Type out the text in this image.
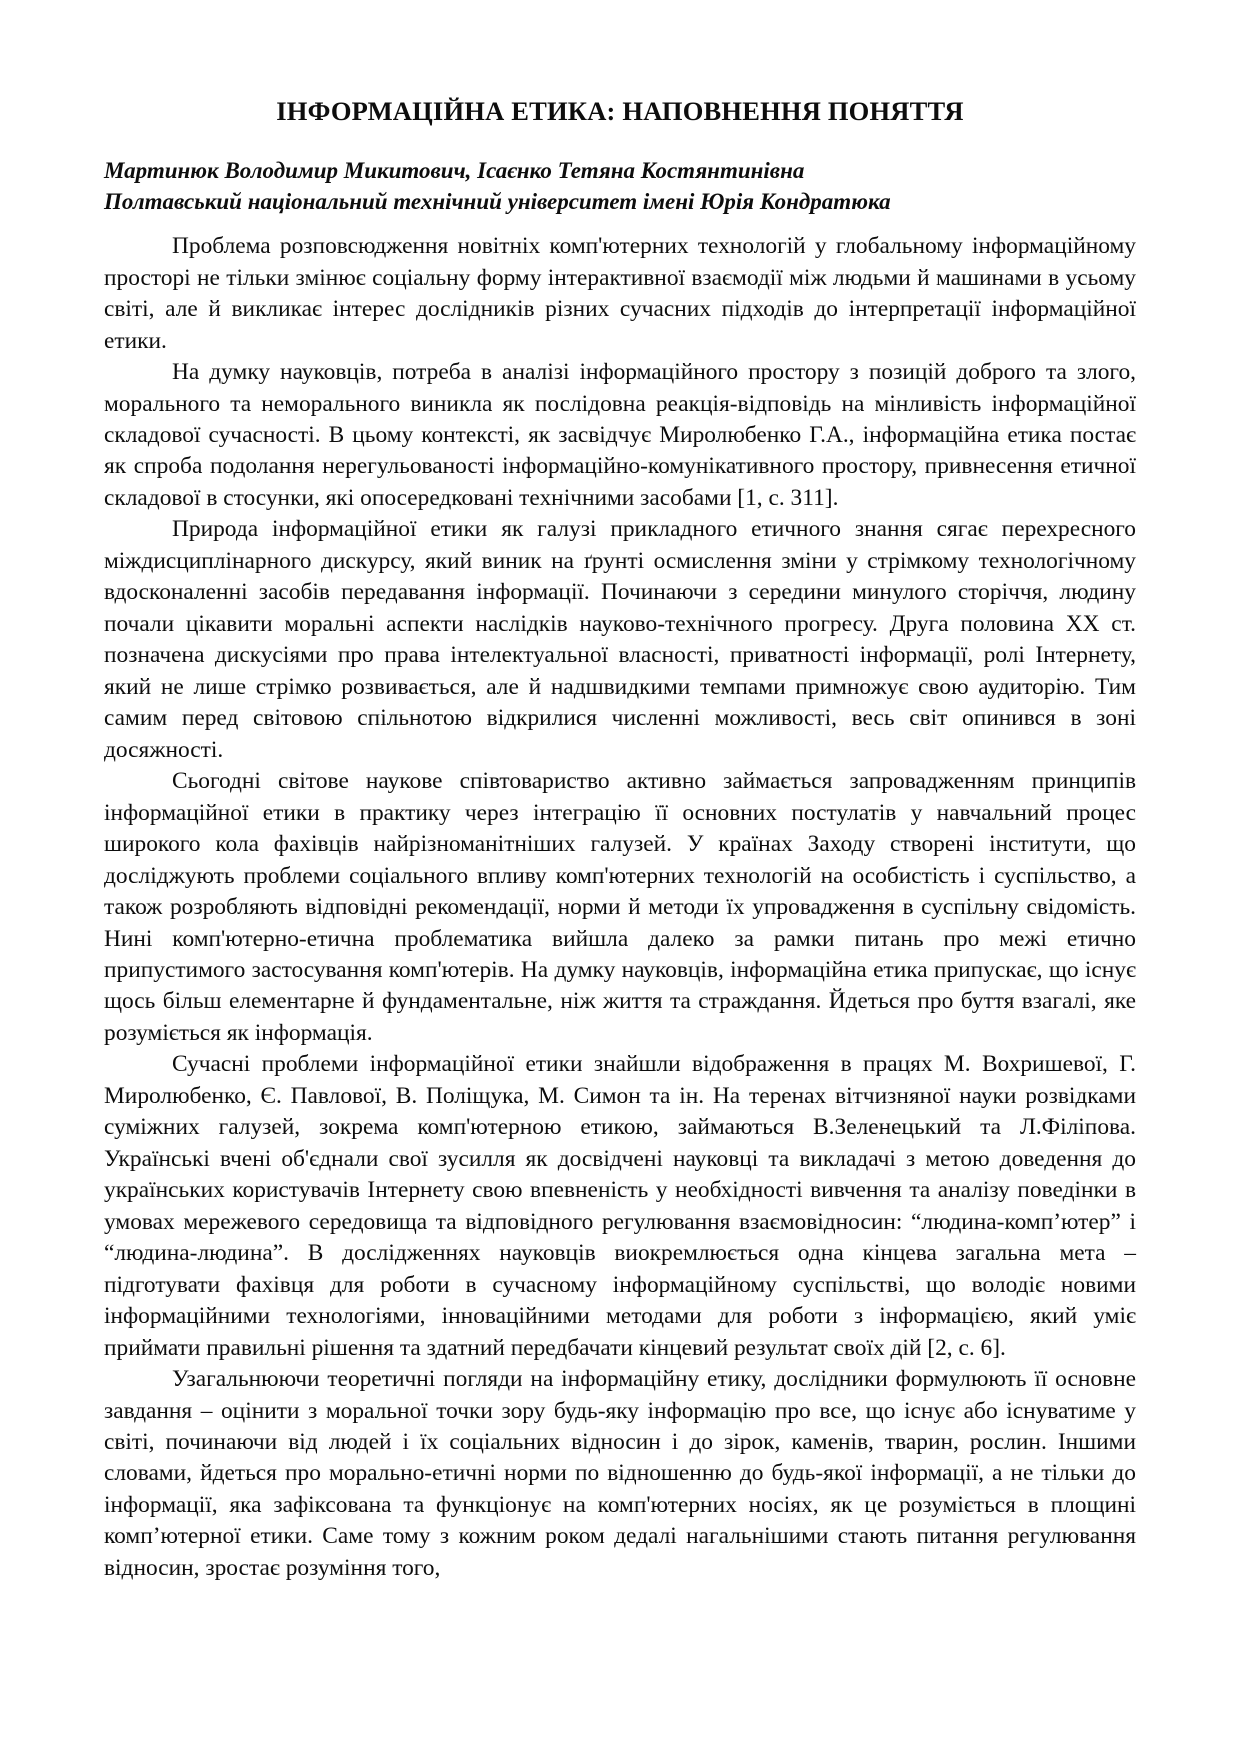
ІНФОРМАЦІЙНА ЕТИКА: НАПОВНЕННЯ ПОНЯТТЯ
Мартинюк Володимир Микитович, Ісаєнко Тетяна Костянтинівна
Полтавський національний технічний університет імені Юрія Кондратюка

Проблема розповсюдження новітніх комп'ютерних технологій у глобальному інформаційному просторі не тільки змінює соціальну форму інтерактивної взаємодії між людьми й машинами в усьому світі, але й викликає інтерес дослідників різних сучасних підходів до інтерпретації інформаційної етики.

На думку науковців, потреба в аналізі інформаційного простору з позицій доброго та злого, морального та неморального виникла як послідовна реакція-відповідь на мінливість інформаційної складової сучасності. В цьому контексті, як засвідчує Миролюбенко Г.А., інформаційна етика постає як спроба подолання нерегульованості інформаційно-комунікативного простору, привнесення етичної складової в стосунки, які опосередковані технічними засобами [1, с. 311].

Природа інформаційної етики як галузі прикладного етичного знання сягає перехресного міждисциплінарного дискурсу, який виник на ґрунті осмислення зміни у стрімкому технологічному вдосконаленні засобів передавання інформації. Починаючи з середини минулого сторіччя, людину почали цікавити моральні аспекти наслідків науково-технічного прогресу. Друга половина ХХ ст. позначена дискусіями про права інтелектуальної власності, приватності інформації, ролі Інтернету, який не лише стрімко розвивається, але й надшвидкими темпами примножує свою аудиторію. Тим самим перед світовою спільнотою відкрилися численні можливості, весь світ опинився в зоні досяжності.

Сьогодні світове наукове співтовариство активно займається запровадженням принципів інформаційної етики в практику через інтеграцію її основних постулатів у навчальний процес широкого кола фахівців найрізноманітніших галузей. У країнах Заходу створені інститути, що досліджують проблеми соціального впливу комп'ютерних технологій на особистість і суспільство, а також розробляють відповідні рекомендації, норми й методи їх упровадження в суспільну свідомість. Нині комп'ютерно-етична проблематика вийшла далеко за рамки питань про межі етично припустимого застосування комп'ютерів. На думку науковців, інформаційна етика припускає, що існує щось більш елементарне й фундаментальне, ніж життя та страждання. Йдеться про буття взагалі, яке розуміється як інформація.

Сучасні проблеми інформаційної етики знайшли відображення в працях М. Вохришевої, Г. Миролюбенко, Є. Павлової, В. Поліщука, М. Симон та ін. На теренах вітчизняної науки розвідками суміжних галузей, зокрема комп'ютерною етикою, займаються В.Зеленецький та Л.Філіпова. Українські вчені об'єднали свої зусилля як досвідчені науковці та викладачі з метою доведення до українських користувачів Інтернету свою впевненість у необхідності вивчення та аналізу поведінки в умовах мережевого середовища та відповідного регулювання взаємовідносин: “людина-комп’ютер” і “людина-людина”. В дослідженнях науковців виокремлюється одна кінцева загальна мета – підготувати фахівця для роботи в сучасному інформаційному суспільстві, що володіє новими інформаційними технологіями, інноваційними методами для роботи з інформацією, який уміє приймати правильні рішення та здатний передбачати кінцевий результат своїх дій [2, с. 6].

Узагальнюючи теоретичні погляди на інформаційну етику, дослідники формулюють її основне завдання – оцінити з моральної точки зору будь-яку інформацію про все, що існує або існуватиме у світі, починаючи від людей і їх соціальних відносин і до зірок, каменів, тварин, рослин. Іншими словами, йдеться про морально-етичні норми по відношенню до будь-якої інформації, а не тільки до інформації, яка зафіксована та функціонує на комп'ютерних носіях, як це розуміється в площині комп’ютерної етики. Саме тому з кожним роком дедалі нагальнішими стають питання регулювання відносин, зростає розуміння того,
